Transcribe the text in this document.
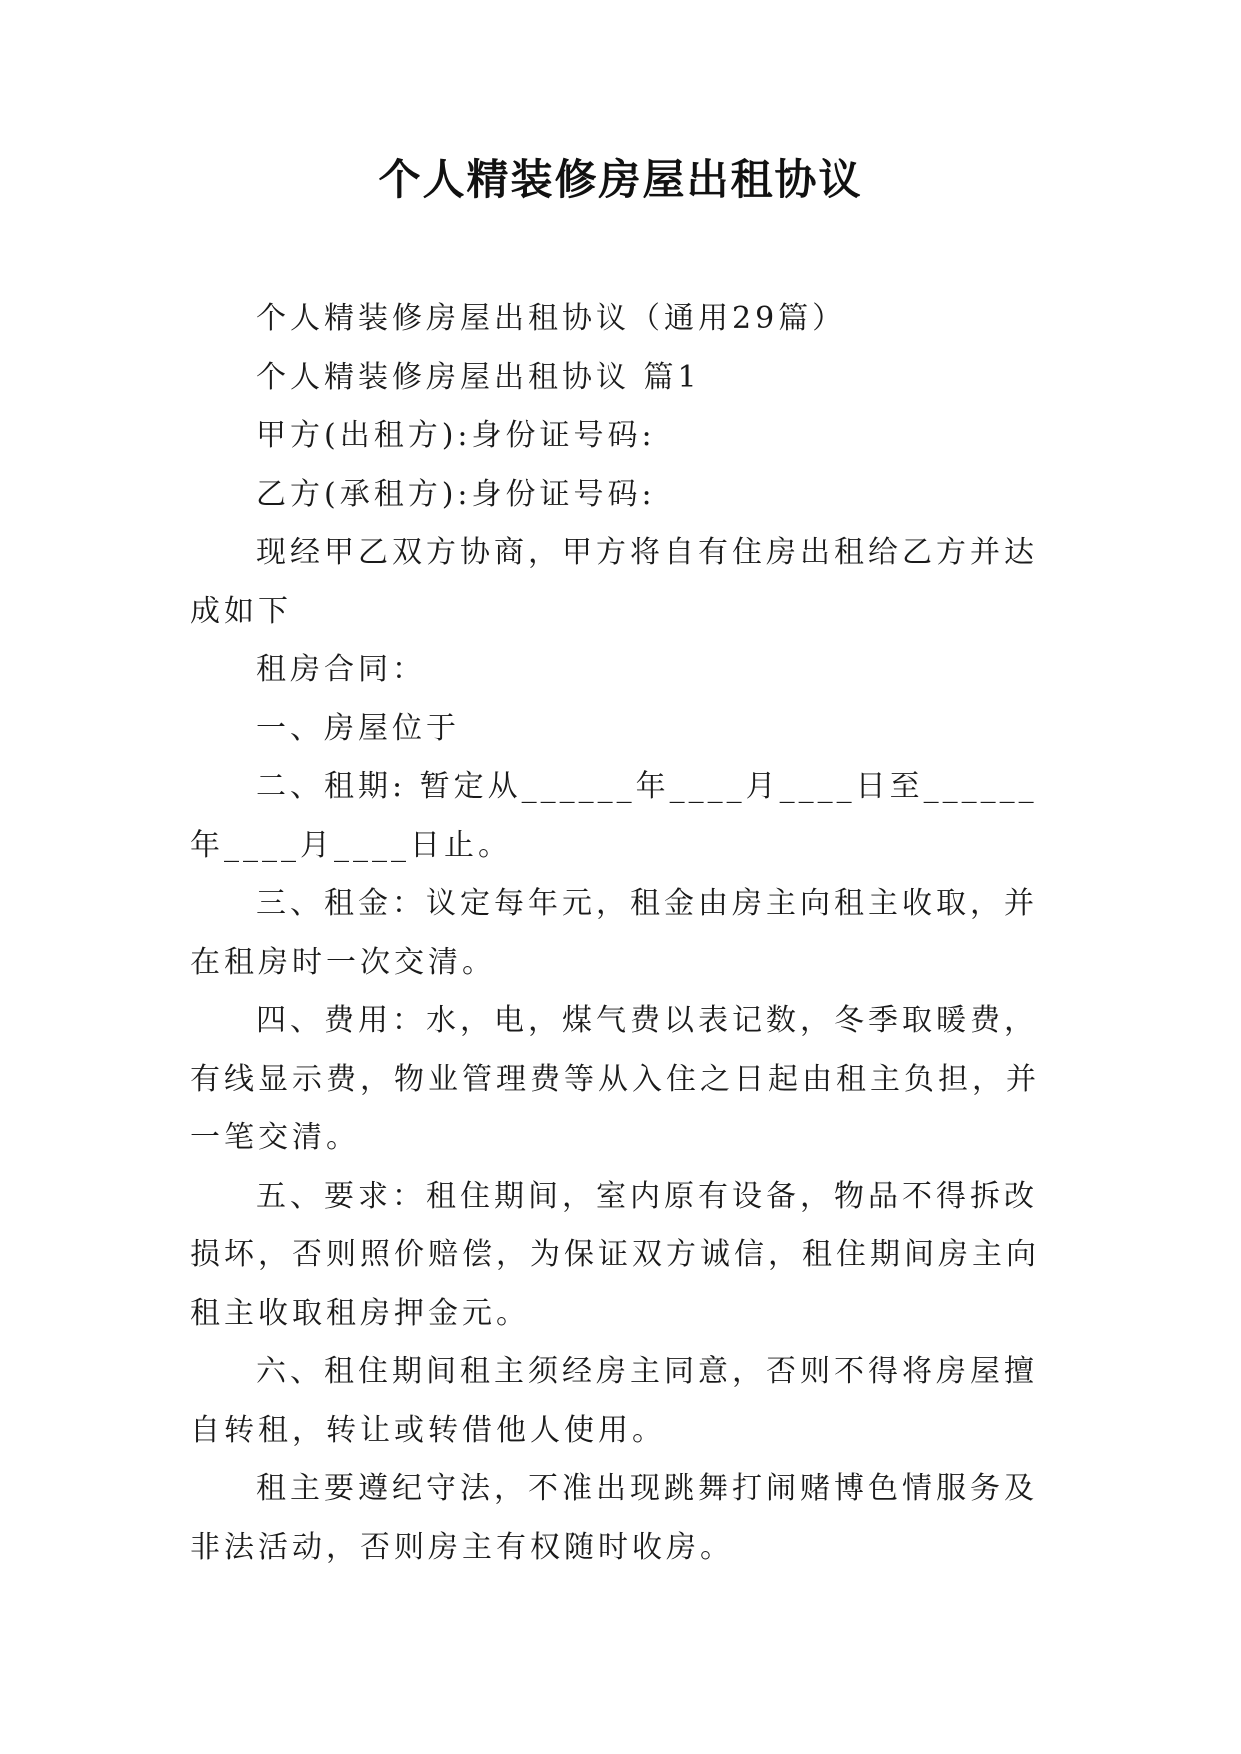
个人精装修房屋出租协议

个人精装修房屋出租协议（通用29篇）

个人精装修房屋出租协议 篇1

甲方(出租方):身份证号码:

乙方(承租方):身份证号码:

现经甲乙双方协商，甲方将自有住房出租给乙方并达成如下

租房合同：

一、房屋位于

二、租期: 暂定从______年____月____日至______年____月____日止。

三、租金：议定每年元，租金由房主向租主收取，并在租房时一次交清。

四、费用：水，电，煤气费以表记数，冬季取暖费，有线显示费，物业管理费等从入住之日起由租主负担，并一笔交清。

五、要求：租住期间，室内原有设备，物品不得拆改损坏，否则照价赔偿，为保证双方诚信，租住期间房主向租主收取租房押金元。

六、租住期间租主须经房主同意，否则不得将房屋擅自转租，转让或转借他人使用。

租主要遵纪守法，不准出现跳舞打闹赌博色情服务及非法活动，否则房主有权随时收房。
